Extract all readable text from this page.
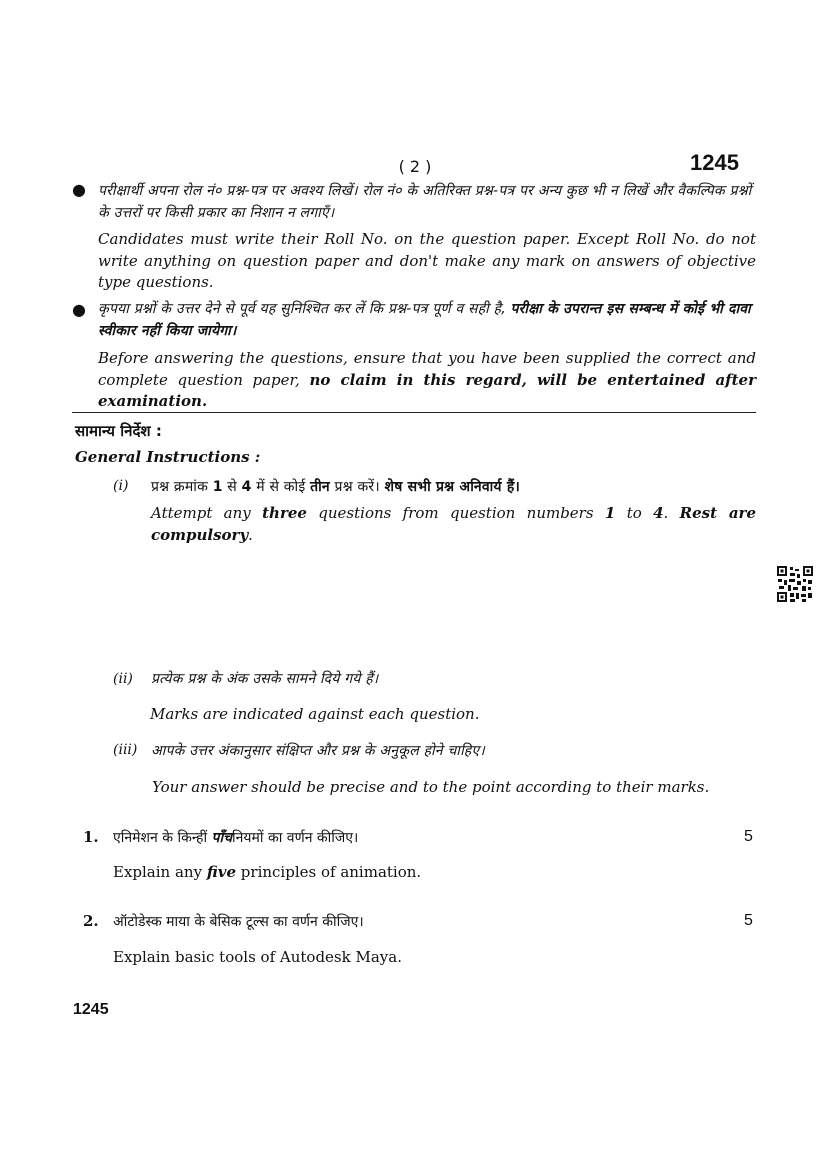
( 2 )	1245
● परीक्षार्थी अपना रोल नं० प्रश्न-पत्र पर अवश्य लिखें। रोल नं० के अतिरिक्त प्रश्न-पत्र पर अन्य कुछ भी न लिखें और वैकल्पिक प्रश्नों के उत्तरों पर किसी प्रकार का निशान न लगाएँ।
Candidates must write their Roll No. on the question paper. Except Roll No. do not write anything on question paper and don't make any mark on answers of objective type questions.
● कृपया प्रश्नों के उत्तर देने से पूर्व यह सुनिश्चित कर लें कि प्रश्न-पत्र पूर्ण व सही है, परीक्षा के उपरान्त इस सम्बन्ध में कोई भी दावा स्वीकार नहीं किया जायेगा।
Before answering the questions, ensure that you have been supplied the correct and complete question paper, no claim in this regard, will be entertained after examination.
सामान्य निर्देश :
General Instructions :
(i) प्रश्न क्रमांक 1 से 4 में से कोई तीन प्रश्न करें। शेष सभी प्रश्न अनिवार्य हैं।
Attempt any three questions from question numbers 1 to 4. Rest are compulsory.
(ii) प्रत्येक प्रश्न के अंक उसके सामने दिये गये हैं।
Marks are indicated against each question.
(iii) आपके उत्तर अंकानुसार संक्षिप्त और प्रश्न के अनुकूल होने चाहिए।
Your answer should be precise and to the point according to their marks.
1. एनिमेशन के किन्हीं पाँचनियमों का वर्णन कीजिए।	5
Explain any five principles of animation.
2. ऑटोडेस्क माया के बेसिक टूल्स का वर्णन कीजिए।	5
Explain basic tools of Autodesk Maya.
1245
